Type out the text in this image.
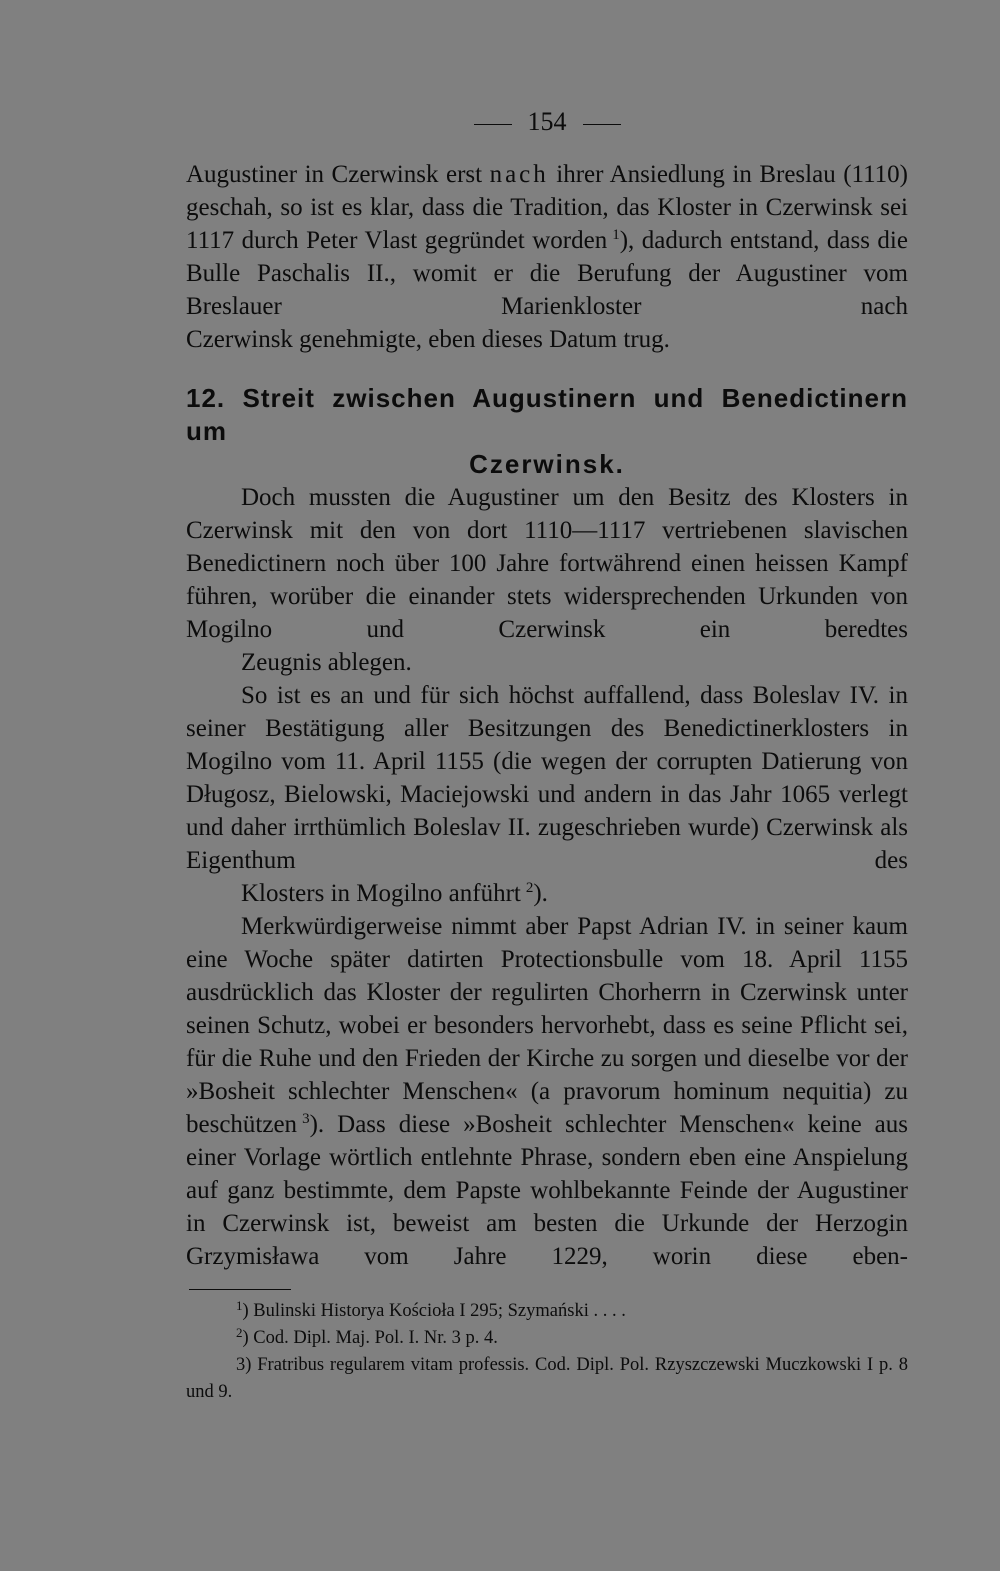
154

Augustiner in Czerwinsk erst nach ihrer Ansiedlung in Breslau (1110) geschah, so ist es klar, dass die Tradition, das Kloster in Czerwinsk sei 1117 durch Peter Vlast gegründet worden  $^1$), dadurch entstand, dass die Bulle Paschalis II., womit er die Berufung der Augustiner vom Breslauer Marienkloster nach
Czerwinsk genehmigte, eben dieses Datum trug.

12. Streit zwischen Augustinern und Benedictinern um
Czerwinsk.

Doch mussten die Augustiner um den Besitz des Klosters in Czerwinsk mit den von dort 1110—1117 vertriebenen slavischen Benedictinern noch über 100 Jahre fortwährend einen heissen Kampf führen, worüber die einander stets widersprechenden Urkunden von Mogilno und Czerwinsk ein beredtes
Zeugnis ablegen.

So ist es an und für sich höchst auffallend, dass Boleslav IV. in seiner Bestätigung aller Besitzungen des Benedictinerklosters in Mogilno vom 11. April 1155 (die wegen der corrupten Datierung von Długosz, Bielowski, Maciejowski und andern in das Jahr 1065 verlegt und daher irrthümlich Boleslav II. zugeschrieben wurde) Czerwinsk als Eigenthum des
Klosters in Mogilno anführt  $^2$).

Merkwürdigerweise nimmt aber Papst Adrian IV. in seiner kaum eine Woche später datirten Protectionsbulle vom 18. April 1155 ausdrücklich das Kloster der regulirten Chorherrn in Czerwinsk unter seinen Schutz, wobei er besonders hervorhebt, dass es seine Pflicht sei, für die Ruhe und den Frieden der Kirche zu sorgen und dieselbe vor der »Bosheit schlechter Menschen« (a pravorum hominum nequitia) zu beschützen  $^3$). Dass diese »Bosheit schlechter Menschen« keine aus einer Vorlage wörtlich entlehnte Phrase, sondern eben eine Anspielung auf ganz bestimmte, dem Papste wohlbekannte Feinde der Augustiner in Czerwinsk ist, beweist am besten die Urkunde der Herzogin Grzymisława vom Jahre 1229, worin diese eben-

$^1$) Bulinski Historya Kościoła I 295; Szymański . . . .
$^2$) Cod. Dipl. Maj. Pol. I. Nr. 3 p. 4.
3) Fratribus regularem vitam professis. Cod. Dipl. Pol. Rzyszczewski Muczkowski I p. 8 und 9.
